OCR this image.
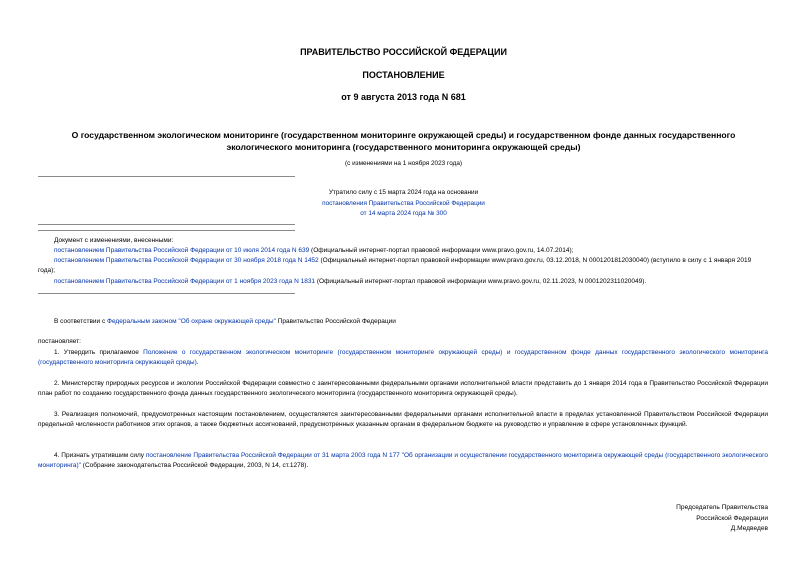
ПРАВИТЕЛЬСТВО РОССИЙСКОЙ ФЕДЕРАЦИИ
ПОСТАНОВЛЕНИЕ
от 9 августа 2013 года N 681
О государственном экологическом мониторинге (государственном мониторинге окружающей среды) и государственном фонде данных государственного
экологического мониторинга (государственного мониторинга окружающей среды)
(с изменениями на 1 ноября 2023 года)
Утратило силу с 15 марта 2024 года на основании
постановления Правительства Российской Федерации
от 14 марта 2024 года № 300
Документ с изменениями, внесенными:
постановлением Правительства Российской Федерации от 10 июля 2014 года N 639 (Официальный интернет-портал правовой информации www.pravo.gov.ru, 14.07.2014);
постановлением Правительства Российской Федерации от 30 ноября 2018 года N 1452 (Официальный интернет-портал правовой информации www.pravo.gov.ru, 03.12.2018, N 0001201812030040) (вступило в силу с 1 января 2019 года);
постановлением Правительства Российской Федерации от 1 ноября 2023 года N 1831 (Официальный интернет-портал правовой информации www.pravo.gov.ru, 02.11.2023, N 0001202311020049).
В соответствии с Федеральным законом "Об охране окружающей среды" Правительство Российской Федерации
постановляет:
1. Утвердить прилагаемое Положение о государственном экологическом мониторинге (государственном мониторинге окружающей среды) и государственном фонде данных государственного экологического мониторинга (государственного мониторинга окружающей среды).
2. Министерству природных ресурсов и экологии Российской Федерации совместно с заинтересованными федеральными органами исполнительной власти представить до 1 января 2014 года в Правительство Российской Федерации план работ по созданию государственного фонда данных государственного экологического мониторинга (государственного мониторинга окружающей среды).
3. Реализация полномочий, предусмотренных настоящим постановлением, осуществляется заинтересованными федеральными органами исполнительной власти в пределах установленной Правительством Российской Федерации предельной численности работников этих органов, а также бюджетных ассигнований, предусмотренных указанным органам в федеральном бюджете на руководство и управление в сфере установленных функций.
4. Признать утратившим силу постановление Правительства Российской Федерации от 31 марта 2003 года N 177 "Об организации и осуществлении государственного мониторинга окружающей среды (государственного экологического мониторинга)" (Собрание законодательства Российской Федерации, 2003, N 14, ст.1278).
Председатель Правительства
Российской Федерации
Д.Медведев
